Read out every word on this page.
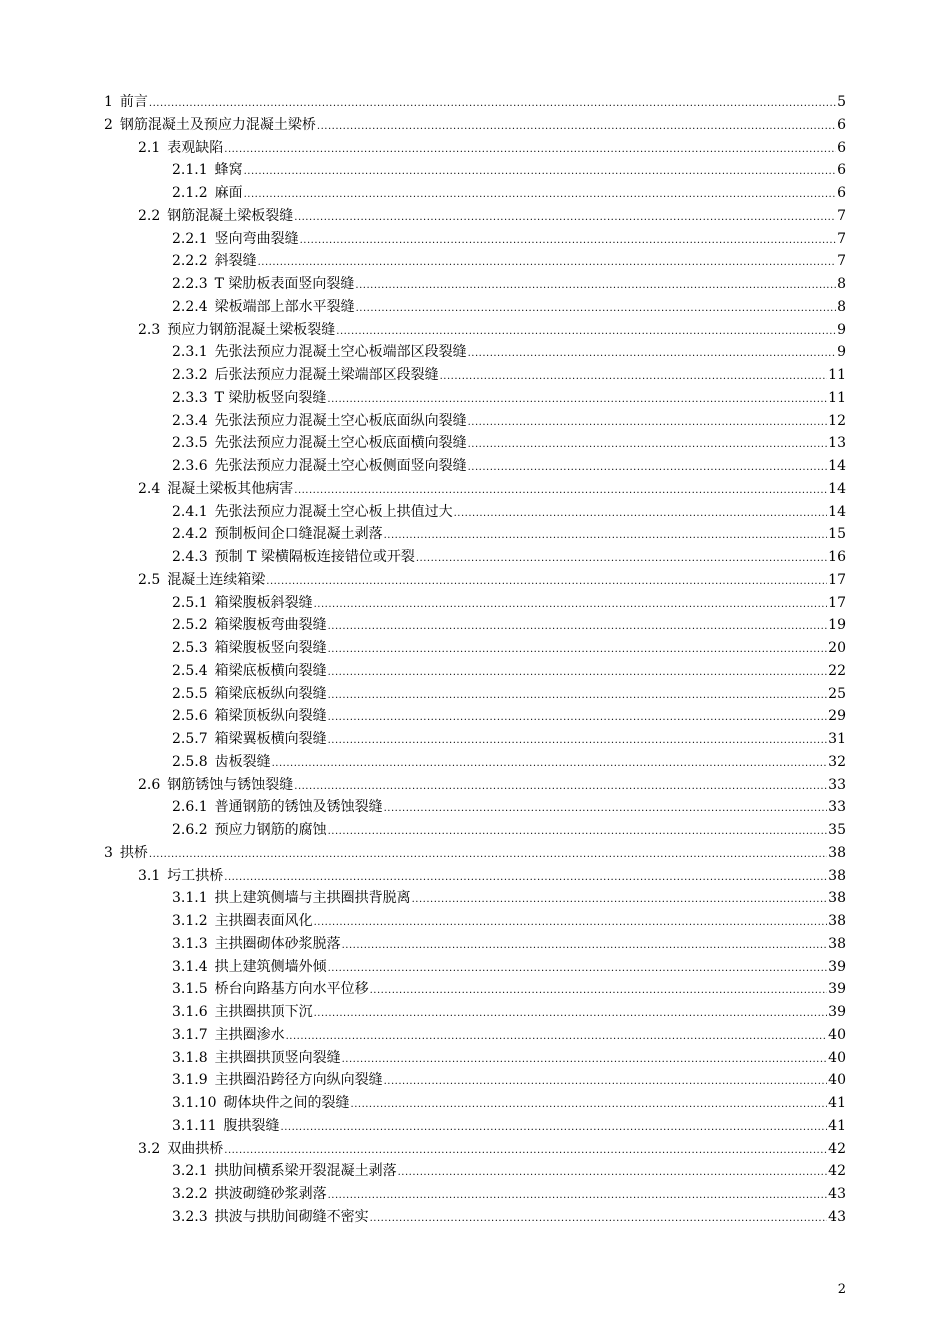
1 前言 .....	5
2 钢筋混凝土及预应力混凝土梁桥 .....	6
2.1 表观缺陷 .....	6
2.1.1 蜂窝 .....	6
2.1.2 麻面 .....	6
2.2 钢筋混凝土梁板裂缝 .....	7
2.2.1 竖向弯曲裂缝 .....	7
2.2.2 斜裂缝 .....	7
2.2.3 T 梁肋板表面竖向裂缝 .....	8
2.2.4 梁板端部上部水平裂缝 .....	8
2.3 预应力钢筋混凝土梁板裂缝 .....	9
2.3.1 先张法预应力混凝土空心板端部区段裂缝 .....	9
2.3.2 后张法预应力混凝土梁端部区段裂缝 .....	11
2.3.3 T 梁肋板竖向裂缝 .....	11
2.3.4 先张法预应力混凝土空心板底面纵向裂缝 .....	12
2.3.5 先张法预应力混凝土空心板底面横向裂缝 .....	13
2.3.6 先张法预应力混凝土空心板侧面竖向裂缝 .....	14
2.4 混凝土梁板其他病害 .....	14
2.4.1 先张法预应力混凝土空心板上拱值过大 .....	14
2.4.2 预制板间企口缝混凝土剥落 .....	15
2.4.3 预制 T 梁横隔板连接错位或开裂 .....	16
2.5 混凝土连续箱梁 .....	17
2.5.1 箱梁腹板斜裂缝 .....	17
2.5.2 箱梁腹板弯曲裂缝 .....	19
2.5.3 箱梁腹板竖向裂缝 .....	20
2.5.4 箱梁底板横向裂缝 .....	22
2.5.5 箱梁底板纵向裂缝 .....	25
2.5.6 箱梁顶板纵向裂缝 .....	29
2.5.7 箱梁翼板横向裂缝 .....	31
2.5.8 齿板裂缝 .....	32
2.6 钢筋锈蚀与锈蚀裂缝 .....	33
2.6.1 普通钢筋的锈蚀及锈蚀裂缝 .....	33
2.6.2 预应力钢筋的腐蚀 .....	35
3 拱桥 .....	38
3.1 圬工拱桥 .....	38
3.1.1 拱上建筑侧墙与主拱圈拱背脱离 .....	38
3.1.2 主拱圈表面风化 .....	38
3.1.3 主拱圈砌体砂浆脱落 .....	38
3.1.4 拱上建筑侧墙外倾 .....	39
3.1.5 桥台向路基方向水平位移 .....	39
3.1.6 主拱圈拱顶下沉 .....	39
3.1.7 主拱圈渗水 .....	40
3.1.8 主拱圈拱顶竖向裂缝 .....	40
3.1.9 主拱圈沿跨径方向纵向裂缝 .....	40
3.1.10 砌体块件之间的裂缝 .....	41
3.1.11 腹拱裂缝 .....	41
3.2 双曲拱桥 .....	42
3.2.1 拱肋间横系梁开裂混凝土剥落 .....	42
3.2.2 拱波砌缝砂浆剥落 .....	43
3.2.3 拱波与拱肋间砌缝不密实 .....	43
2
